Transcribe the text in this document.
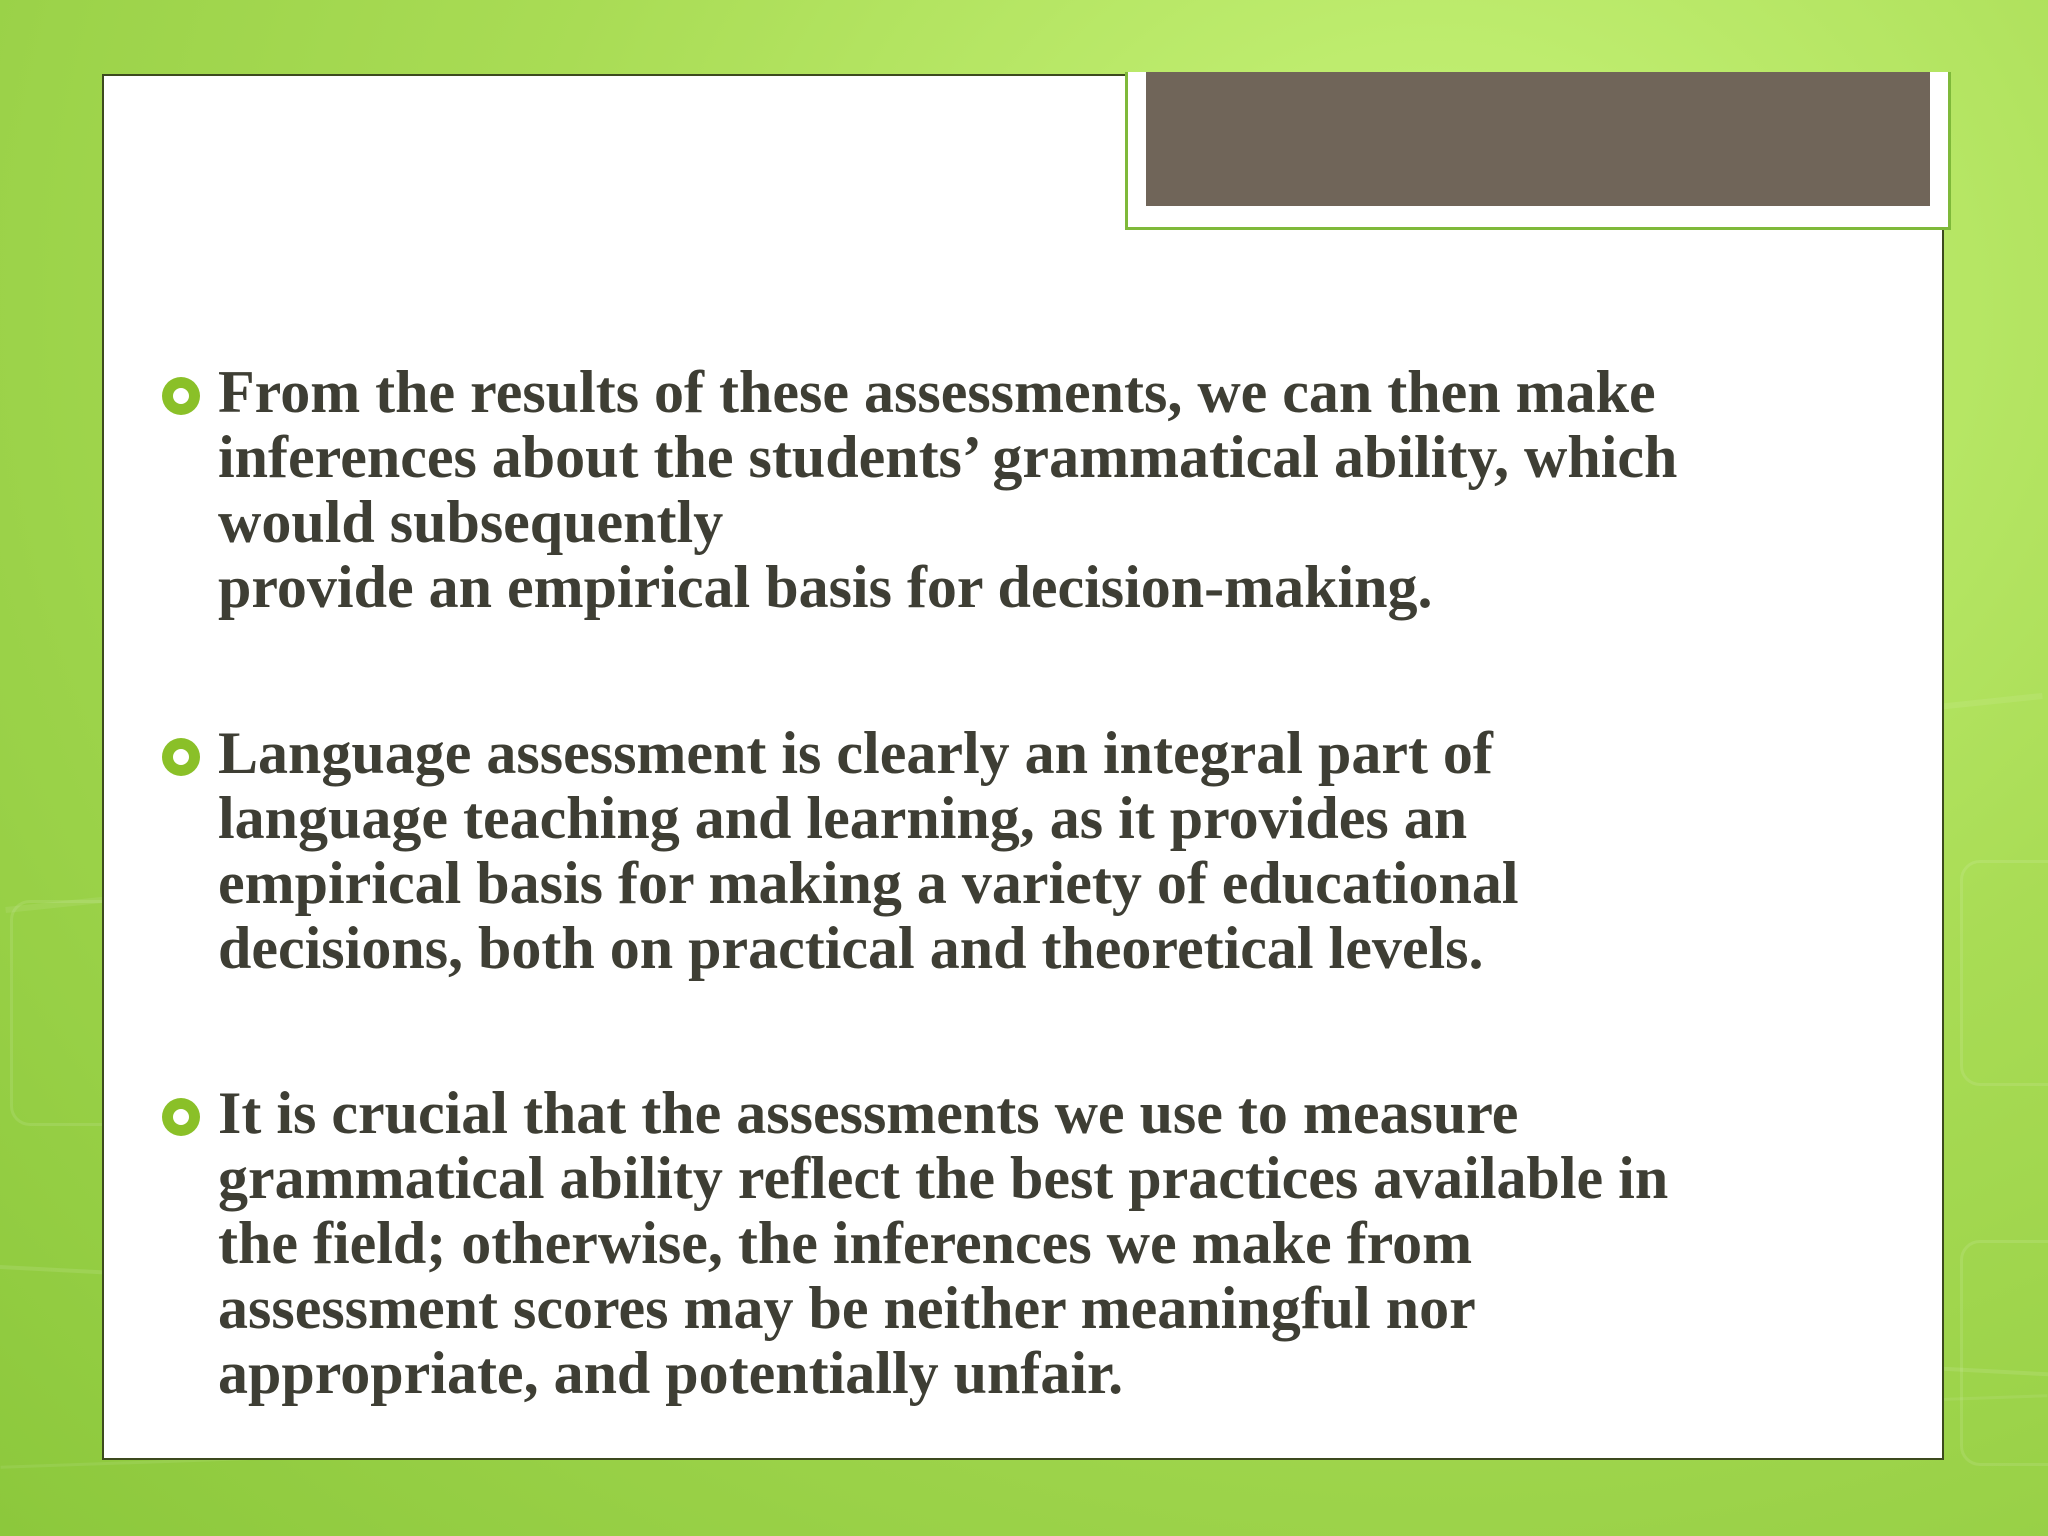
From the results of these assessments, we can then make
inferences about the students’ grammatical ability, which
would subsequently
provide an empirical basis for decision-making.

Language assessment is clearly an integral part of
language teaching and learning, as it provides an
empirical basis for making a variety of educational
decisions, both on practical and theoretical levels.

It is crucial that the assessments we use to measure
grammatical ability reflect the best practices available in
the field; otherwise, the inferences we make from
assessment scores may be neither meaningful nor
appropriate, and potentially unfair.
